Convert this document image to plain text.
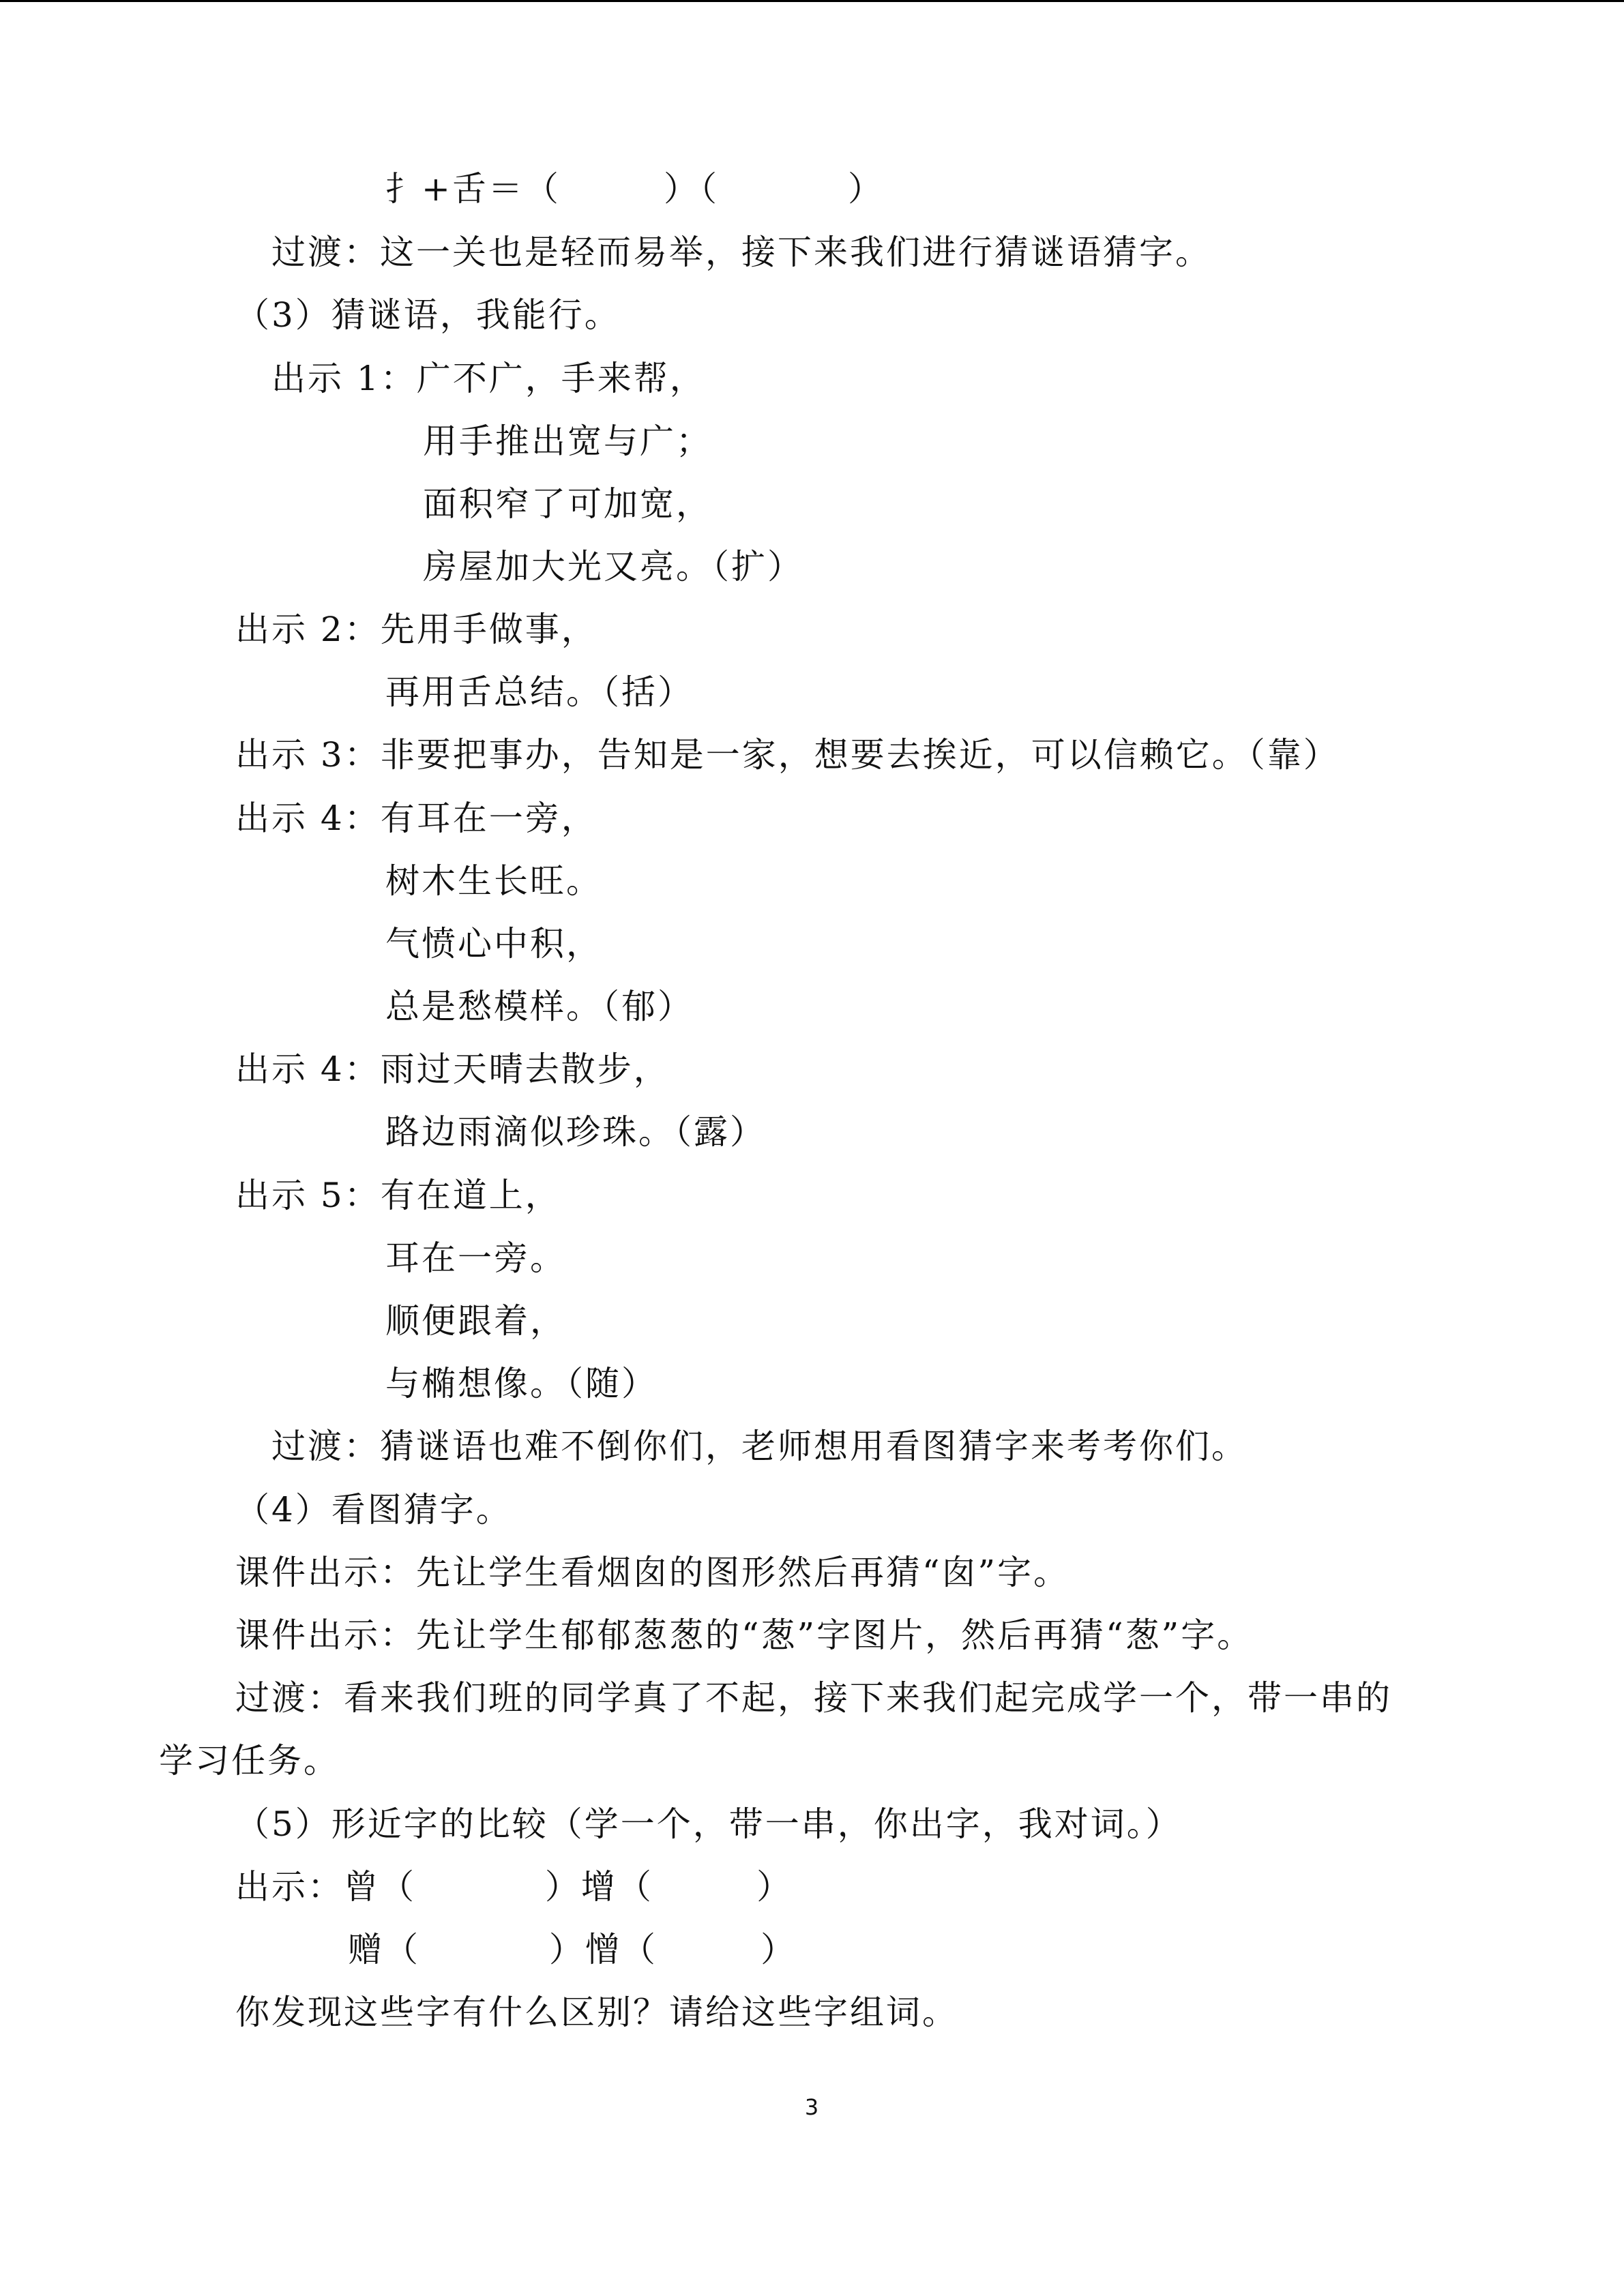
扌+舌＝（        ）（          ）
过渡：这一关也是轻而易举，接下来我们进行猜谜语猜字。
（3）猜谜语，我能行。
出示 1：广不广，手来帮，
用手推出宽与广；
面积窄了可加宽，
房屋加大光又亮。（扩）
出示 2：先用手做事，
再用舌总结。（括）
出示 3：非要把事办，告知是一家，想要去挨近，可以信赖它。（靠）
出示 4：有耳在一旁，
树木生长旺。
气愤心中积，
总是愁模样。（郁）
出示 4：雨过天晴去散步，
路边雨滴似珍珠。（露）
出示 5：有在道上，
耳在一旁。
顺便跟着，
与椭想像。（随）
过渡：猜谜语也难不倒你们，老师想用看图猜字来考考你们。
（4）看图猜字。
课件出示：先让学生看烟囱的图形然后再猜“囱”字。
课件出示：先让学生郁郁葱葱的“葱”字图片，然后再猜“葱”字。
过渡：看来我们班的同学真了不起，接下来我们起完成学一个，带一串的
学习任务。
（5）形近字的比较（学一个，带一串，你出字，我对词。）
出示：曾（          ）增（        ）
赠（          ）憎（        ）
你发现这些字有什么区别？请给这些字组词。
3
